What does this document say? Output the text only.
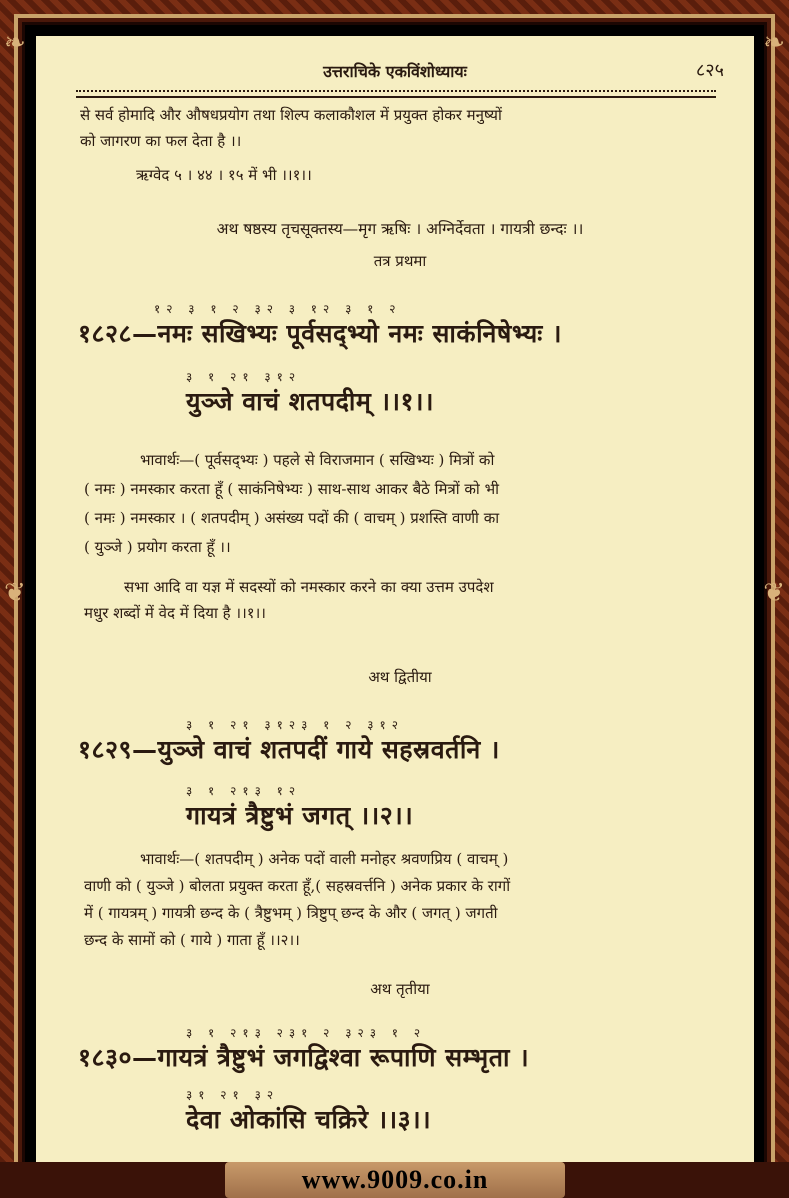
❧	❧
❦	❦
उत्तराचिके एकविंशोध्यायः	८२५
से सर्व होमादि और औषधप्रयोग तथा शिल्प कलाकौशल में प्रयुक्त होकर मनुष्यों
को जागरण का फल देता है ।।
ऋग्वेद ५ । ४४ । १५ में भी ।।१।।
अथ षष्ठस्य तृचसूक्तस्य—मृग ऋषिः । अग्निर्देवता । गायत्री छन्दः ।।
तत्र प्रथमा
१२ ३ १ २ ३२ ३ १२ ३ १ २
१८२८—नमः सखिभ्यः पूर्वसद्भ्यो नमः साकंनिषेभ्यः ।
३ १ २१ ३१२
युञ्जे वाचं शतपदीम् ।।१।।
भावार्थः—( पूर्वसद्भ्यः ) पहले से विराजमान ( सखिभ्यः ) मित्रों को
( नमः ) नमस्कार करता हूँ ( साकंनिषेभ्यः ) साथ-साथ आकर बैठे मित्रों को भी
( नमः ) नमस्कार । ( शतपदीम् ) असंख्य पदों की ( वाचम् ) प्रशस्ति वाणी का
( युञ्जे ) प्रयोग करता हूँ ।।
सभा आदि वा यज्ञ में सदस्यों को नमस्कार करने का क्या उत्तम उपदेश
मधुर शब्दों में वेद में दिया है ।।१।।
अथ द्वितीया
३ १ २१ ३१२३ १ २ ३१२
१८२९—युञ्जे वाचं शतपदीं गाये सहस्रवर्तनि ।
३ १ २१३ १२
गायत्रं त्रैष्टुभं जगत् ।।२।।
भावार्थः—( शतपदीम् ) अनेक पदों वाली मनोहर श्रवणप्रिय ( वाचम् )
वाणी को ( युञ्जे ) बोलता प्रयुक्त करता हूँ,( सहस्रवर्त्तनि ) अनेक प्रकार के रागों
में ( गायत्रम् ) गायत्री छन्द के ( त्रैष्टुभम् ) त्रिष्टुप् छन्द के और ( जगत् ) जगती
छन्द के सामों को ( गाये ) गाता हूँ ।।२।।
अथ तृतीया
३ १ २१३ २३१ २ ३२३ १ २
१८३०—गायत्रं त्रैष्टुभं जगद्विश्वा रूपाणि सम्भृता ।
३१ २१ ३२
देवा ओकांसि चक्रिरे ।।३।।
www.9009.co.in
